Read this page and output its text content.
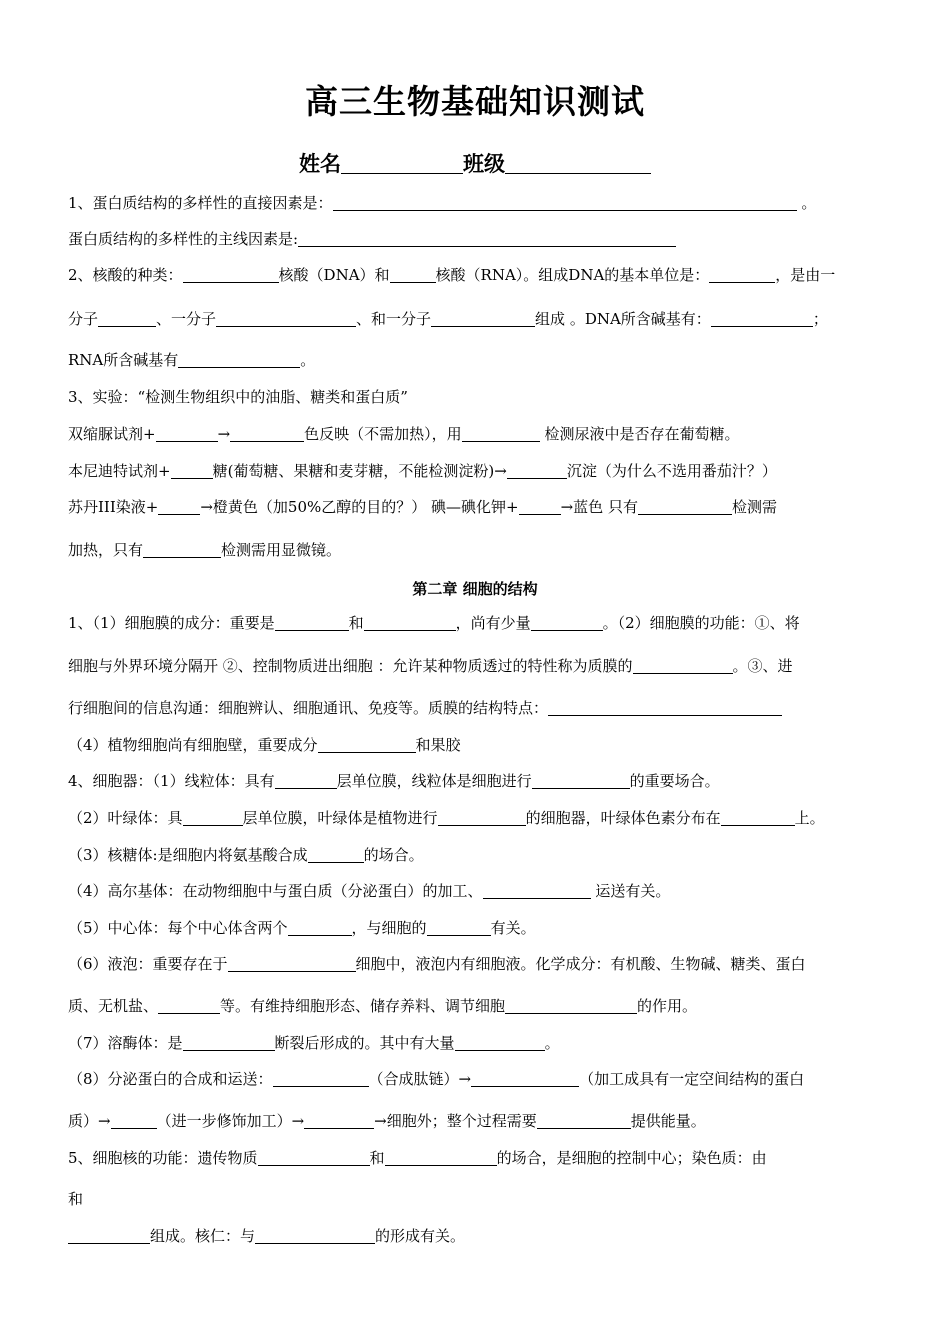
高三生物基础知识测试
姓名	班级
1、蛋白质结构的多样性的直接因素是：	。
蛋白质结构的多样性的主线因素是:
2、核酸的种类：	核酸（DNA）和	核酸（RNA）。组成DNA的基本单位是：	，是由一
分子	、一分子	、和一分子	组成 。DNA所含碱基有：	；
RNA所含碱基有	。
3、实验：“检测生物组织中的油脂、糖类和蛋白质”
双缩脲试剂+	→	色反映（不需加热），用	检测尿液中是否存在葡萄糖。
本尼迪特试剂+	糖(葡萄糖、果糖和麦芽糖，不能检测淀粉)→	沉淀（为什么不选用番茄汁？）
苏丹III染液+	→橙黄色（加50%乙醇的目的？） 碘—碘化钾+	→蓝色 只有	检测需
加热，只有	检测需用显微镜。
第二章 细胞的结构
1、（1）细胞膜的成分：重要是	和	，尚有少量	。（2）细胞膜的功能：①、将
细胞与外界环境分隔开 ②、控制物质进出细胞 ：允许某种物质透过的特性称为质膜的	。③、进
行细胞间的信息沟通：细胞辨认、细胞通讯、免疫等。质膜的结构特点：
（4）植物细胞尚有细胞壁，重要成分	和果胶
4、细胞器：（1）线粒体：具有	层单位膜，线粒体是细胞进行	的重要场合。
（2）叶绿体：具	层单位膜，叶绿体是植物进行	的细胞器，叶绿体色素分布在	上。
（3）核糖体:是细胞内将氨基酸合成	的场合。
（4）高尔基体：在动物细胞中与蛋白质（分泌蛋白）的加工、	运送有关。
（5）中心体：每个中心体含两个	，与细胞的	有关。
（6）液泡：重要存在于	细胞中，液泡内有细胞液。化学成分：有机酸、生物碱、糖类、蛋白
质、无机盐、	等。有维持细胞形态、储存养料、调节细胞	的作用。
（7）溶酶体：是	断裂后形成的。其中有大量	。
（8）分泌蛋白的合成和运送：	（合成肽链）→	（加工成具有一定空间结构的蛋白
质）→	（进一步修饰加工）→	→细胞外；整个过程需要	提供能量。
5、细胞核的功能：遗传物质	和	的场合，是细胞的控制中心；染色质：由
和
组成。核仁：与	的形成有关。
